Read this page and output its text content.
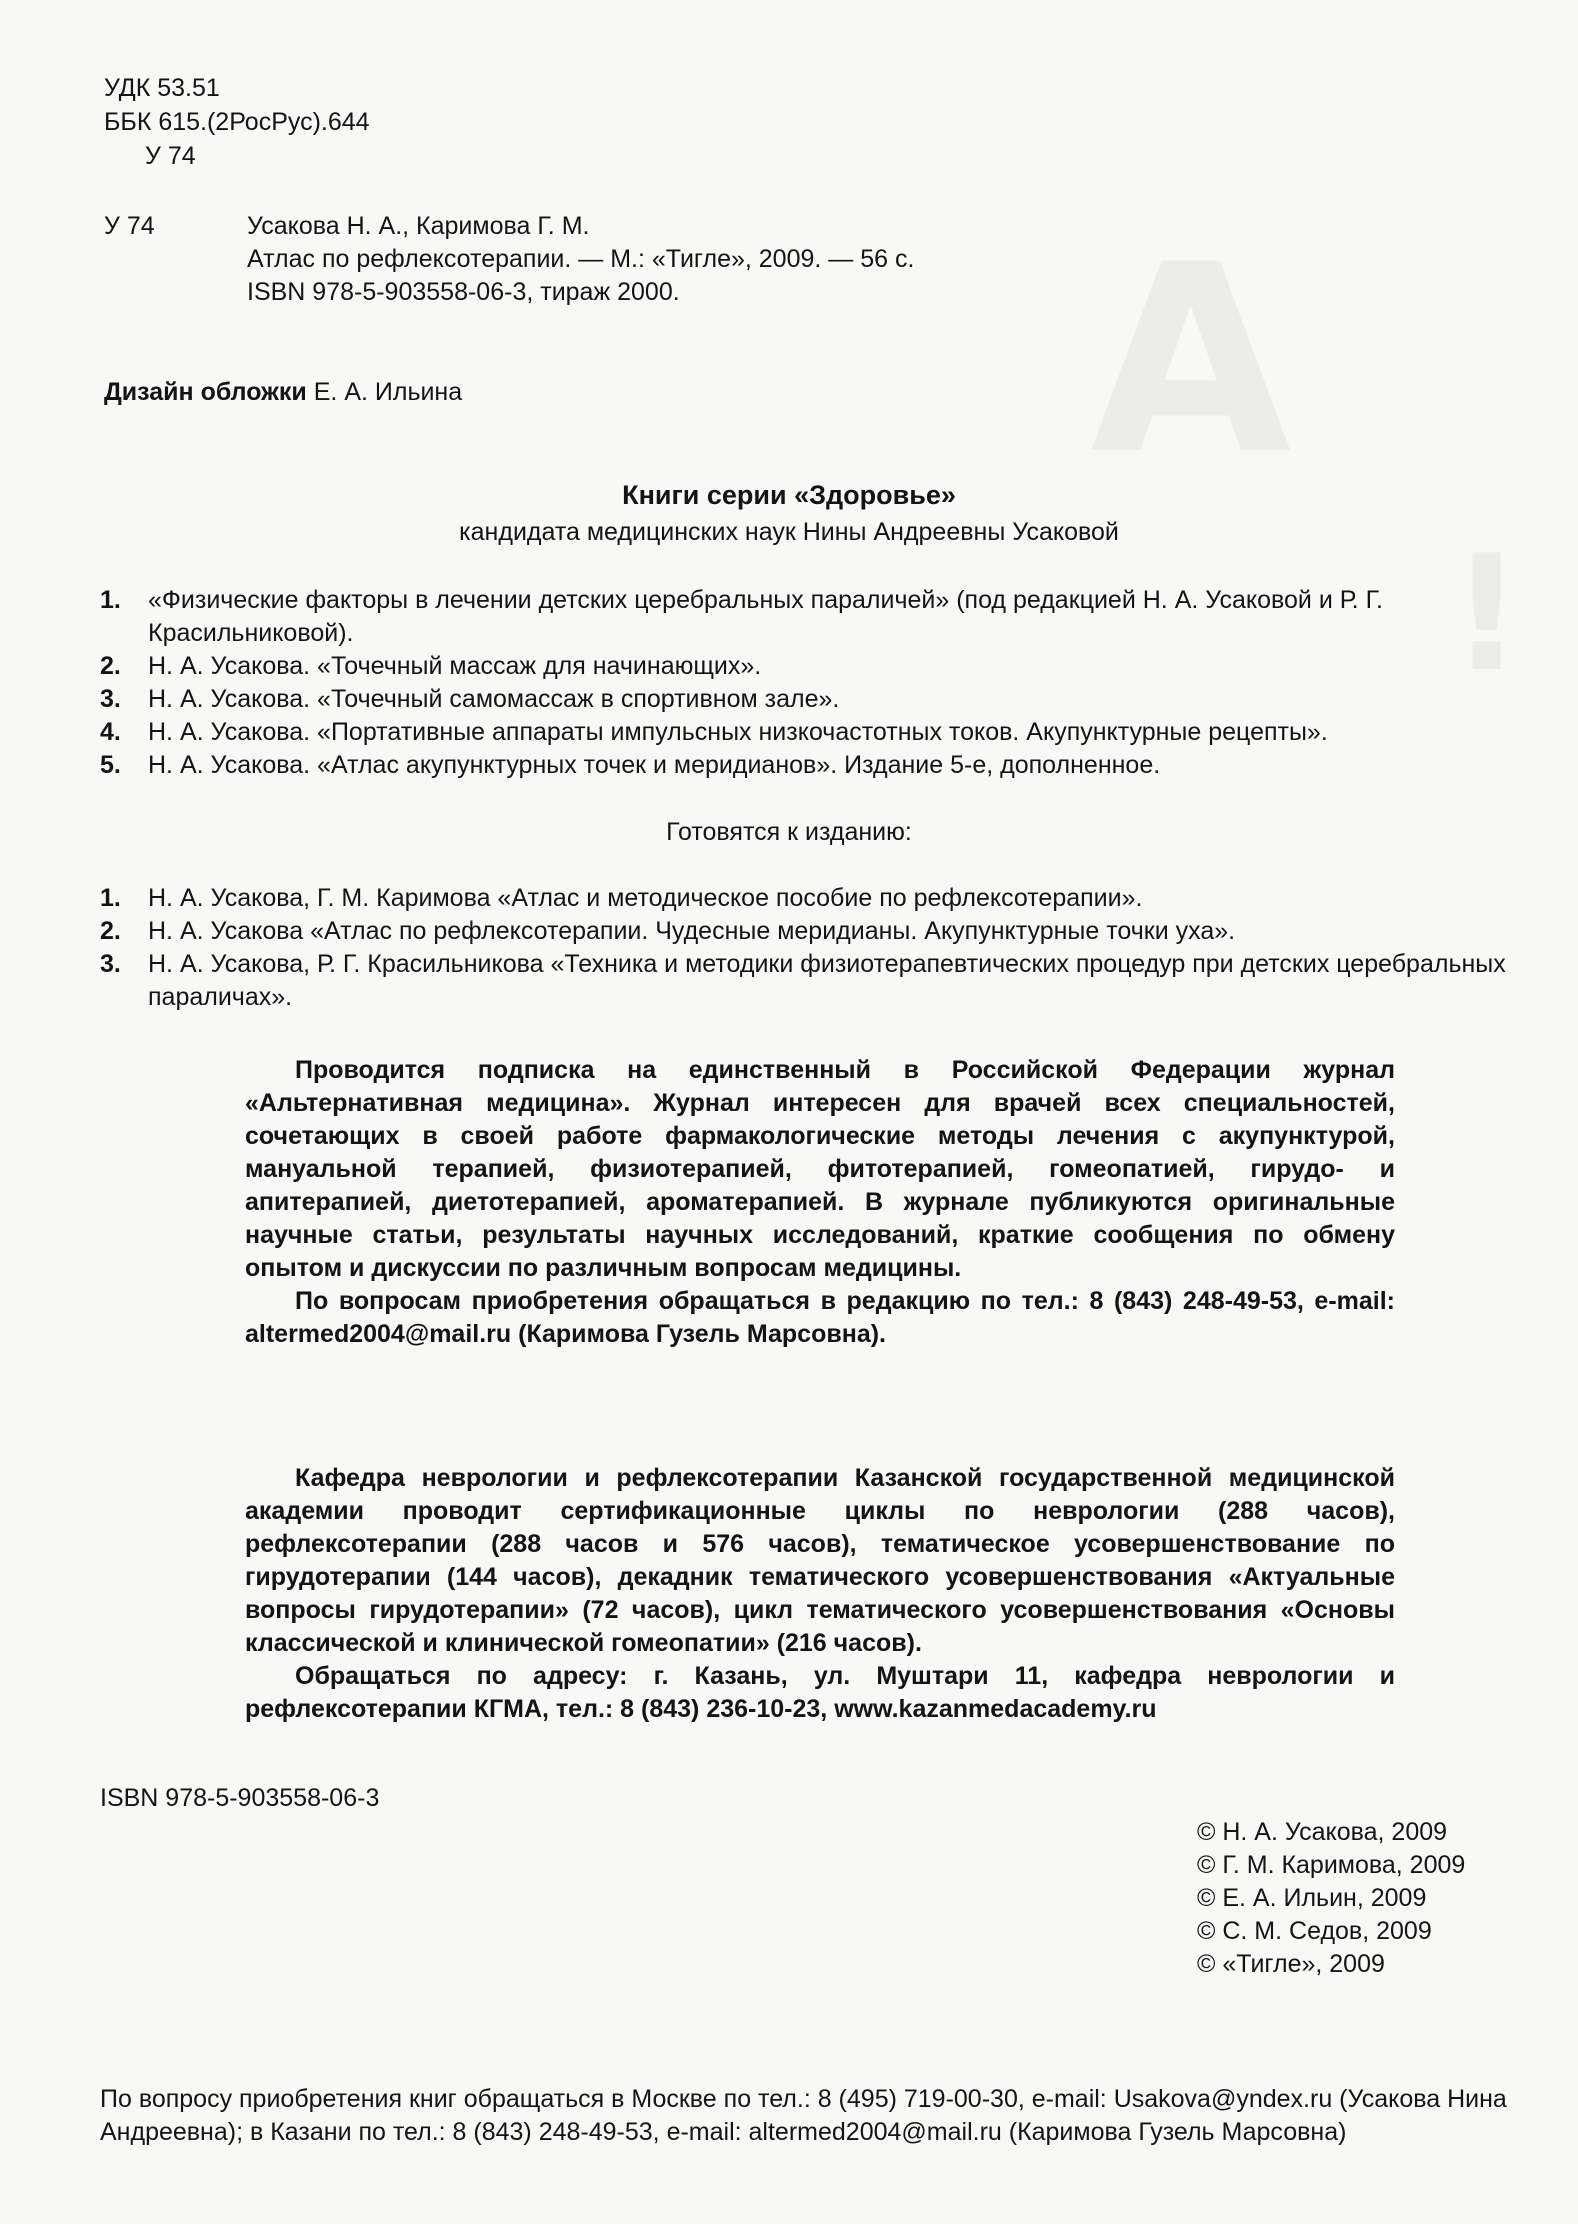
A
!
УДК 53.51
ББК 615.(2РосРус).644
У 74
У 74	Усакова Н. А., Каримова Г. М.
Атлас по рефлексотерапии. — М.: «Тигле», 2009. — 56 с.
ISBN 978-5-903558-06-3, тираж 2000.
Дизайн обложки Е. А. Ильина
Книги серии «Здоровье»
кандидата медицинских наук Нины Андреевны Усаковой
1. «Физические факторы в лечении детских церебральных параличей» (под редакцией Н. А. Усаковой и Р. Г. Красильниковой).
2. Н. А. Усакова. «Точечный массаж для начинающих».
3. Н. А. Усакова. «Точечный самомассаж в спортивном зале».
4. Н. А. Усакова. «Портативные аппараты импульсных низкочастотных токов. Акупунктурные рецепты».
5. Н. А. Усакова. «Атлас акупунктурных точек и меридианов». Издание 5-е, дополненное.
Готовятся к изданию:
1. Н. А. Усакова, Г. М. Каримова «Атлас и методическое пособие по рефлексотерапии».
2. Н. А. Усакова «Атлас по рефлексотерапии. Чудесные меридианы. Акупунктурные точки уха».
3. Н. А. Усакова, Р. Г. Красильникова «Техника и методики физиотерапевтических процедур при детских церебральных параличах».

Проводится подписка на единственный в Российской Федерации журнал «Альтернативная медицина». Журнал интересен для врачей всех специальностей, сочетающих в своей работе фармакологические методы лечения с акупунктурой, мануальной терапией, физиотерапией, фитотерапией, гомеопатией, гирудо- и апитерапией, диетотерапией, ароматерапией. В журнале публикуются оригинальные научные статьи, результаты научных исследований, краткие сообщения по обмену опытом и дискуссии по различным вопросам медицины.

По вопросам приобретения обращаться в редакцию по тел.: 8 (843) 248-49-53, e-mail: altermed2004@mail.ru (Каримова Гузель Марсовна).

Кафедра неврологии и рефлексотерапии Казанской государственной медицинской академии проводит сертификационные циклы по неврологии (288 часов), рефлексотерапии (288 часов и 576 часов), тематическое усовершенствование по гирудотерапии (144 часов), декадник тематического усовершенствования «Актуальные вопросы гирудотерапии» (72 часов), цикл тематического усовершенствования «Основы классической и клинической гомеопатии» (216 часов).

Обращаться по адресу: г. Казань, ул. Муштари 11, кафедра неврологии и рефлексотерапии КГМА, тел.: 8 (843) 236-10-23, www.kazanmedacademy.ru

ISBN 978-5-903558-06-3
© Н. А. Усакова, 2009
© Г. М. Каримова, 2009
© Е. А. Ильин, 2009
© С. М. Седов, 2009
© «Тигле», 2009
По вопросу приобретения книг обращаться в Москве по тел.: 8 (495) 719-00-30, e-mail: Usakova@yndex.ru (Усакова Нина Андреевна); в Казани по тел.: 8 (843) 248-49-53, e-mail: altermed2004@mail.ru (Каримова Гузель Марсовна)
